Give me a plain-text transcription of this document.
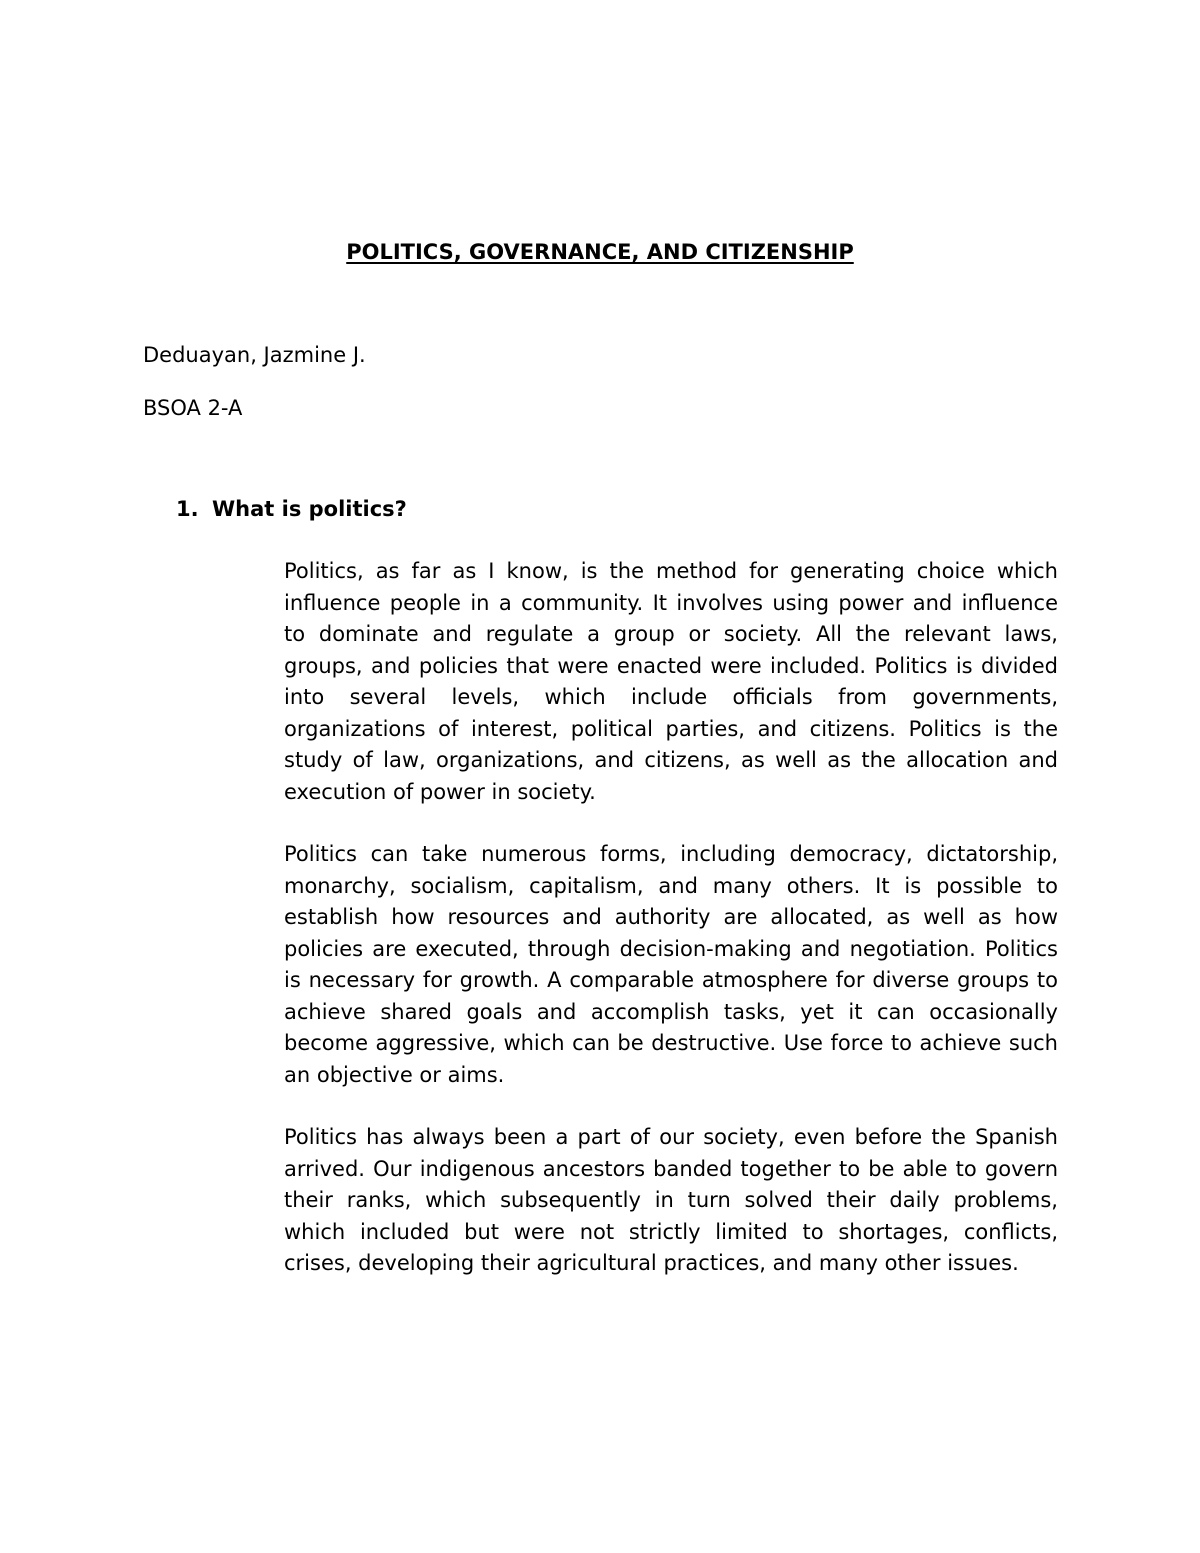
POLITICS, GOVERNANCE, AND CITIZENSHIP

Deduayan, Jazmine J.

BSOA 2-A

1. What is politics?

Politics, as far as I know, is the method for generating choice which influence people in a community. It involves using power and influence to dominate and regulate a group or society. All the relevant laws, groups, and policies that were enacted were included. Politics is divided into several levels, which include officials from governments, organizations of interest, political parties, and citizens. Politics is the study of law, organizations, and citizens, as well as the allocation and execution of power in society.

Politics can take numerous forms, including democracy, dictatorship, monarchy, socialism, capitalism, and many others. It is possible to establish how resources and authority are allocated, as well as how policies are executed, through decision-making and negotiation. Politics is necessary for growth. A comparable atmosphere for diverse groups to achieve shared goals and accomplish tasks, yet it can occasionally become aggressive, which can be destructive. Use force to achieve such an objective or aims.

Politics has always been a part of our society, even before the Spanish arrived. Our indigenous ancestors banded together to be able to govern their ranks, which subsequently in turn solved their daily problems, which included but were not strictly limited to shortages, conflicts, crises, developing their agricultural practices, and many other issues.
